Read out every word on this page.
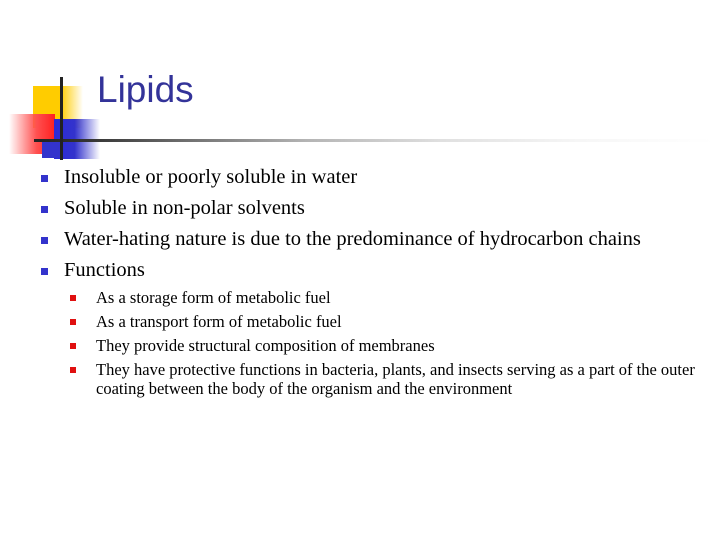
Lipids
Insoluble or poorly soluble in water
Soluble in non-polar solvents
Water-hating nature is due to the predominance of hydrocarbon chains
Functions
As a storage form of metabolic fuel
As a transport form of metabolic fuel
They provide structural composition of membranes
They have protective functions in bacteria, plants, and insects serving as a part of the outer coating between the body of the organism and the environment
